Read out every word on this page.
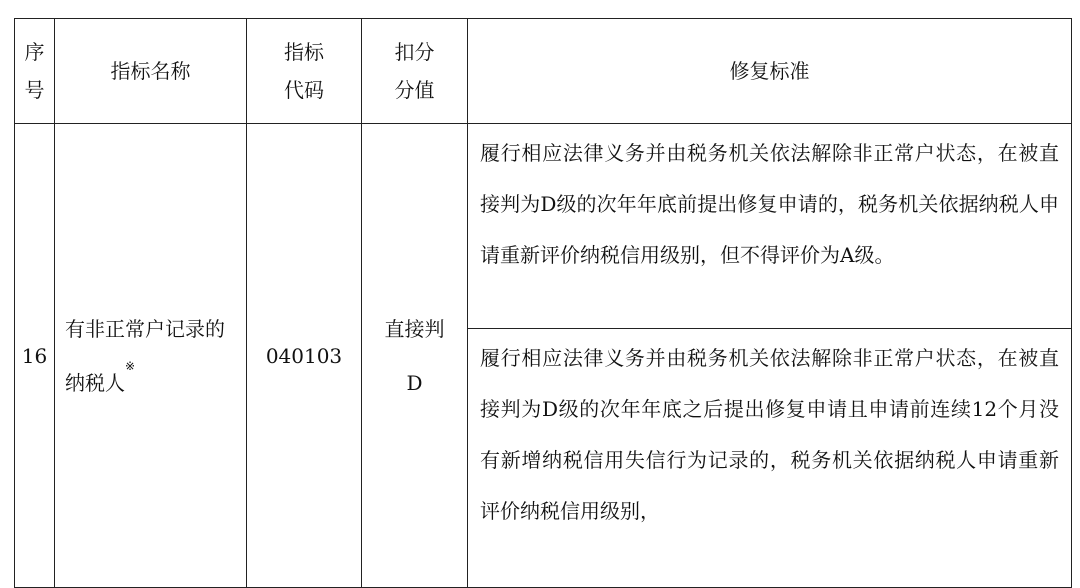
序号	指标名称	指标代码	扣分分值	修复标准
16	有非正常户记录的纳税人※	040103	直接判D	履行相应法律义务并由税务机关依法解除非正常户状态，在被直接判为D级的次年年底前提出修复申请的，税务机关依据纳税人申请重新评价纳税信用级别，但不得评价为A级。
				履行相应法律义务并由税务机关依法解除非正常户状态，在被直接判为D级的次年年底之后提出修复申请且申请前连续12个月没有新增纳税信用失信行为记录的，税务机关依据纳税人申请重新评价纳税信用级别，
